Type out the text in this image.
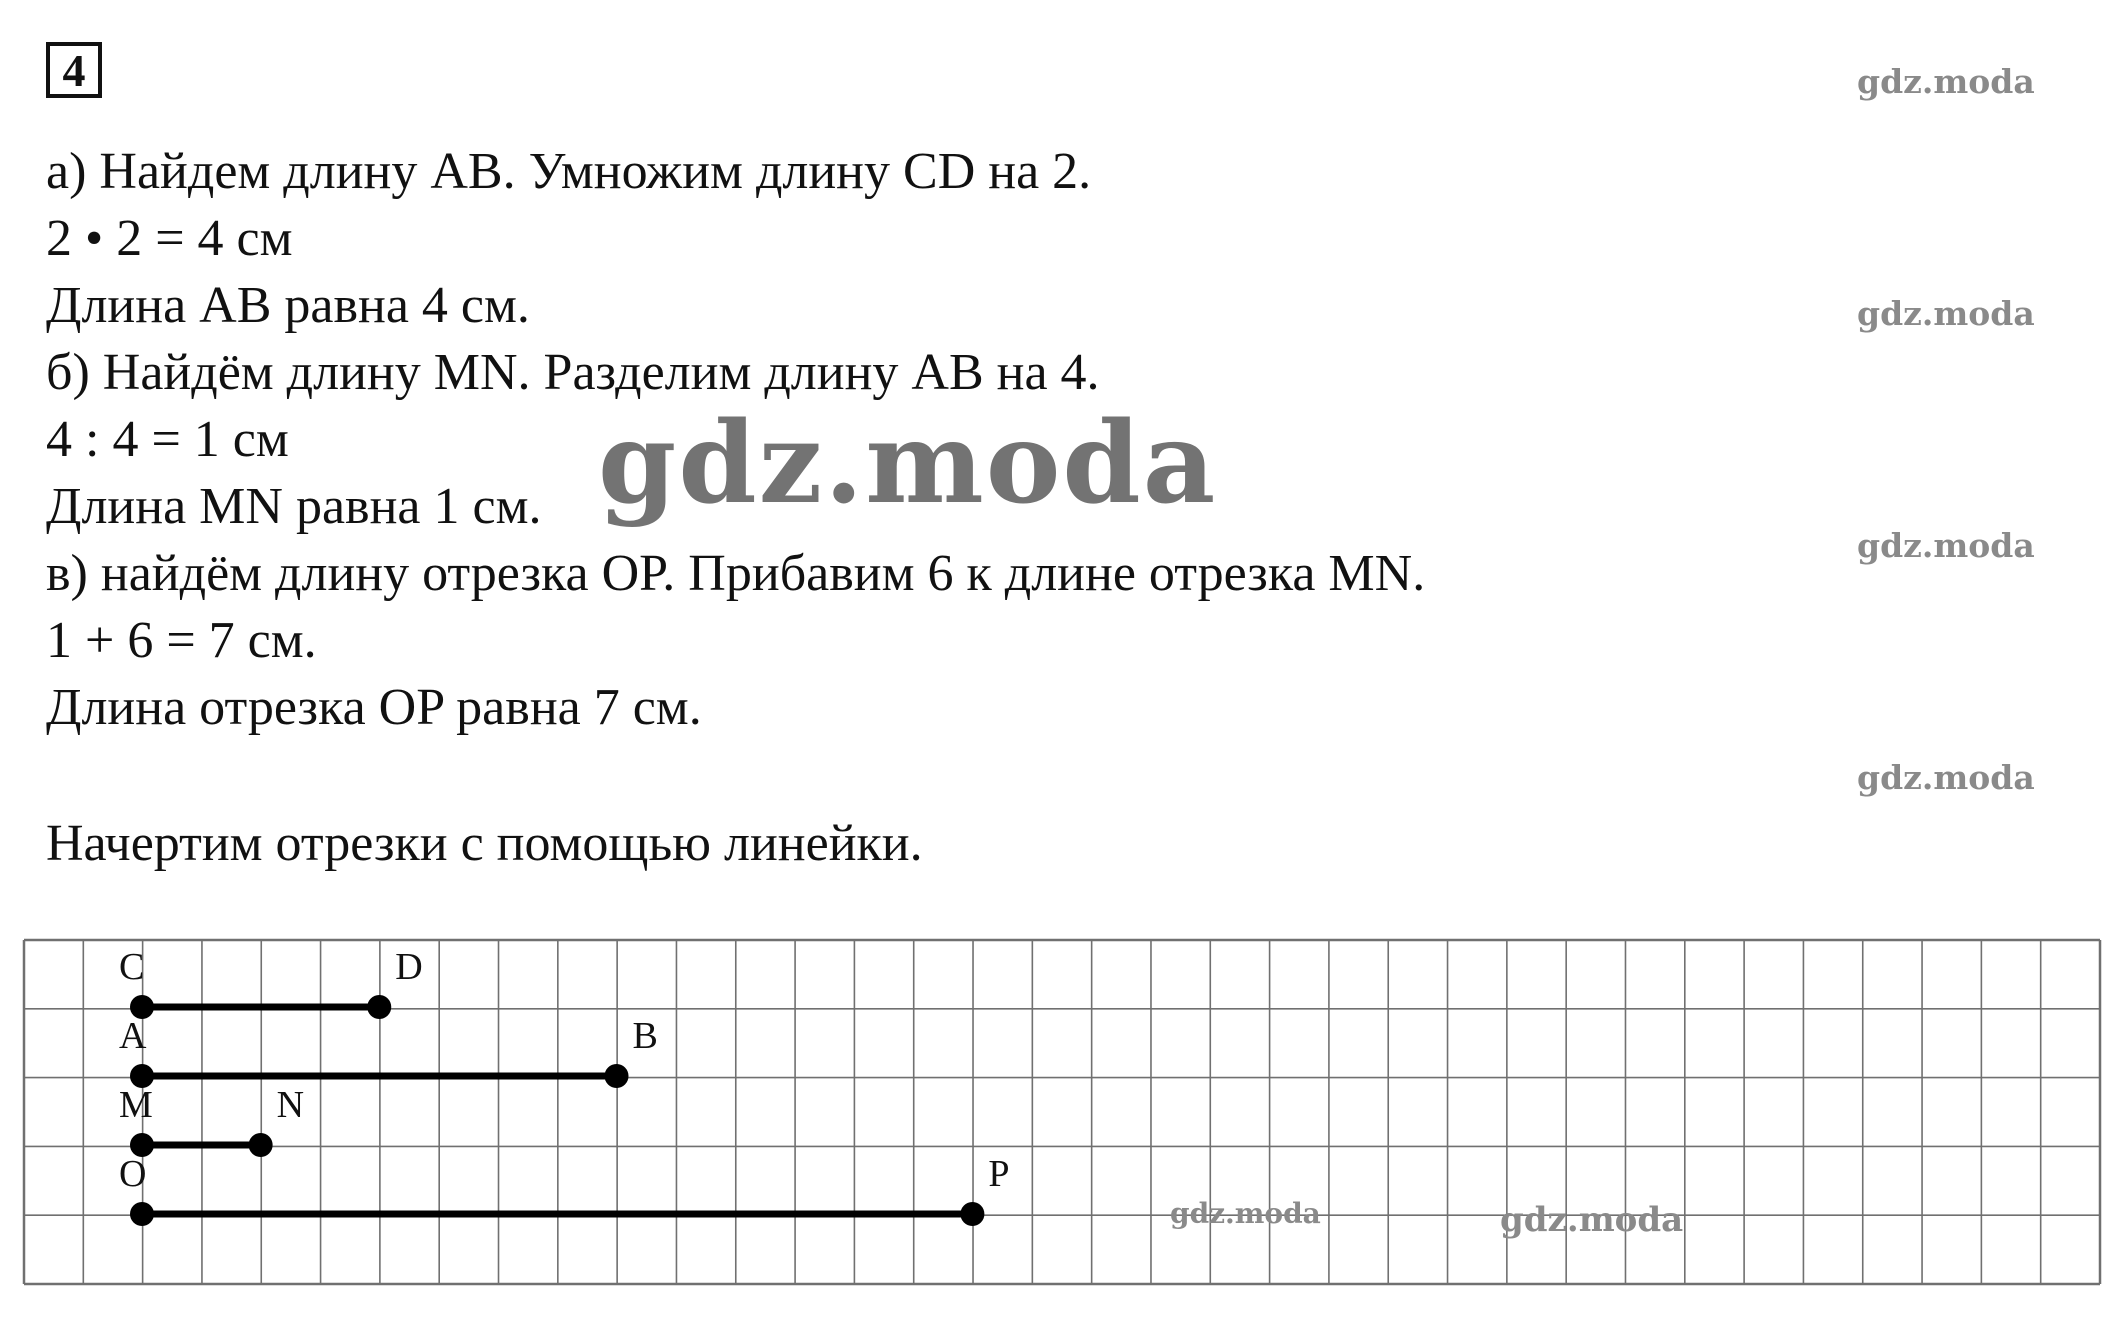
4
а) Найдем длину AB. Умножим длину CD на 2.
2 • 2 = 4 см
Длина AB равна 4 см.
б) Найдём длину MN. Разделим длину AB на 4.
4 : 4 = 1 см
Длина MN равна 1 см.
в) найдём длину отрезка OP. Прибавим 6 к длине отрезка MN.
1 + 6 = 7 см.
Длина отрезка OP равна 7 см.
Начертим отрезки с помощью линейки.
gdz.moda
gdz.moda
gdz.moda
gdz.moda
gdz.moda
C	D
A	B
M	N
O	P
gdz.moda	gdz.moda
